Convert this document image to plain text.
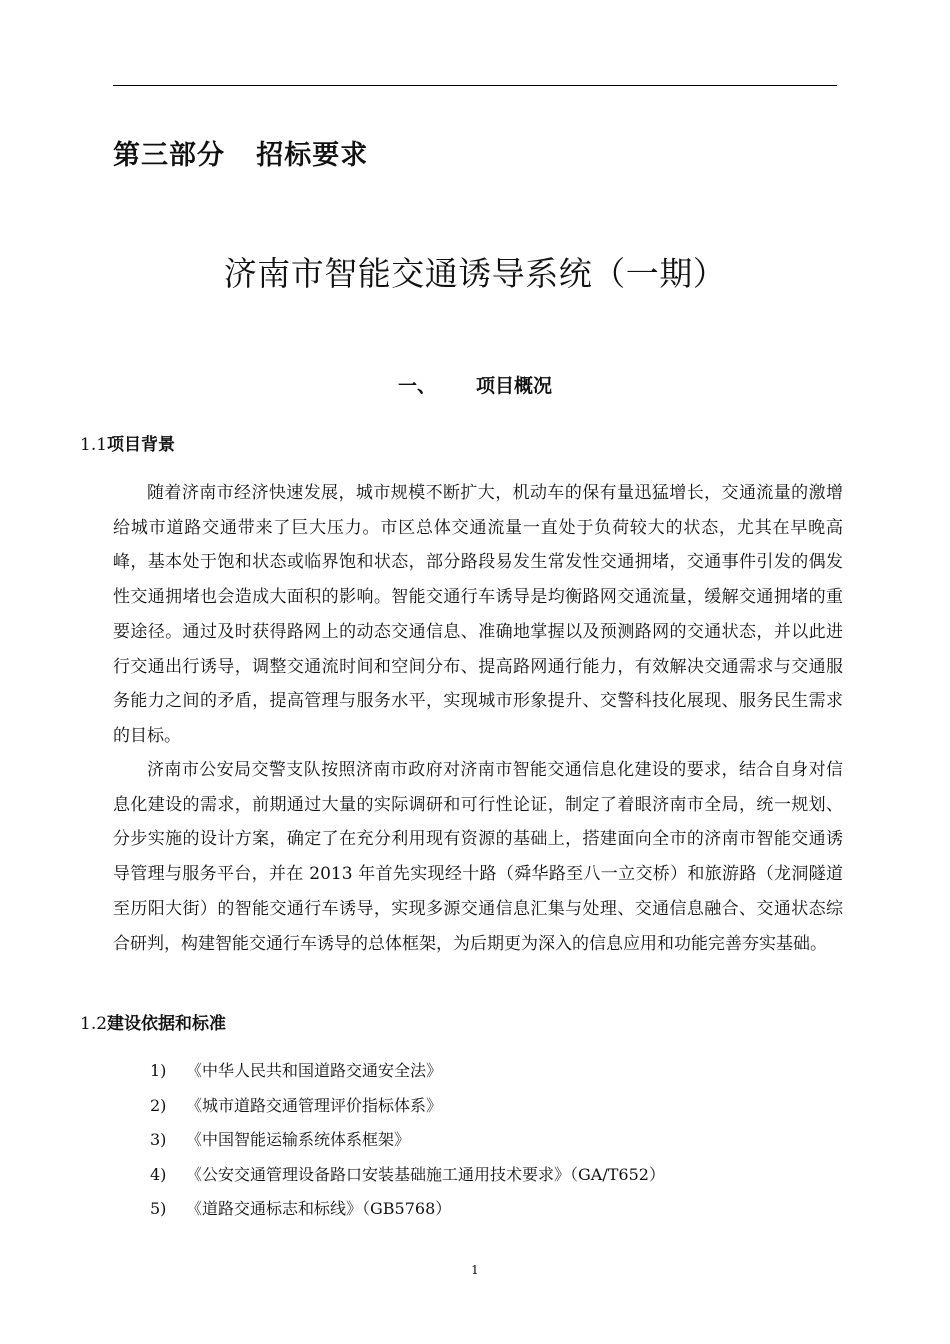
第三部分   招标要求
济南市智能交通诱导系统（一期）
一、 项目概况
1.1项目背景

随着济南市经济快速发展，城市规模不断扩大，机动车的保有量迅猛增长，交通流量的激增给城市道路交通带来了巨大压力。市区总体交通流量一直处于负荷较大的状态，尤其在早晚高峰，基本处于饱和状态或临界饱和状态，部分路段易发生常发性交通拥堵，交通事件引发的偶发性交通拥堵也会造成大面积的影响。智能交通行车诱导是均衡路网交通流量，缓解交通拥堵的重要途径。通过及时获得路网上的动态交通信息、准确地掌握以及预测路网的交通状态，并以此进行交通出行诱导，调整交通流时间和空间分布、提高路网通行能力，有效解决交通需求与交通服务能力之间的矛盾，提高管理与服务水平，实现城市形象提升、交警科技化展现、服务民生需求的目标。

济南市公安局交警支队按照济南市政府对济南市智能交通信息化建设的要求，结合自身对信息化建设的需求，前期通过大量的实际调研和可行性论证，制定了着眼济南市全局，统一规划、分步实施的设计方案，确定了在充分利用现有资源的基础上，搭建面向全市的济南市智能交通诱导管理与服务平台，并在 2013 年首先实现经十路（舜华路至八一立交桥）和旅游路（龙洞隧道至历阳大街）的智能交通行车诱导，实现多源交通信息汇集与处理、交通信息融合、交通状态综合研判，构建智能交通行车诱导的总体框架，为后期更为深入的信息应用和功能完善夯实基础。

1.2建设依据和标准
1) 《中华人民共和国道路交通安全法》
2) 《城市道路交通管理评价指标体系》
3) 《中国智能运输系统体系框架》
4) 《公安交通管理设备路口安装基础施工通用技术要求》（GA/T652）
5) 《道路交通标志和标线》（GB5768）
1
